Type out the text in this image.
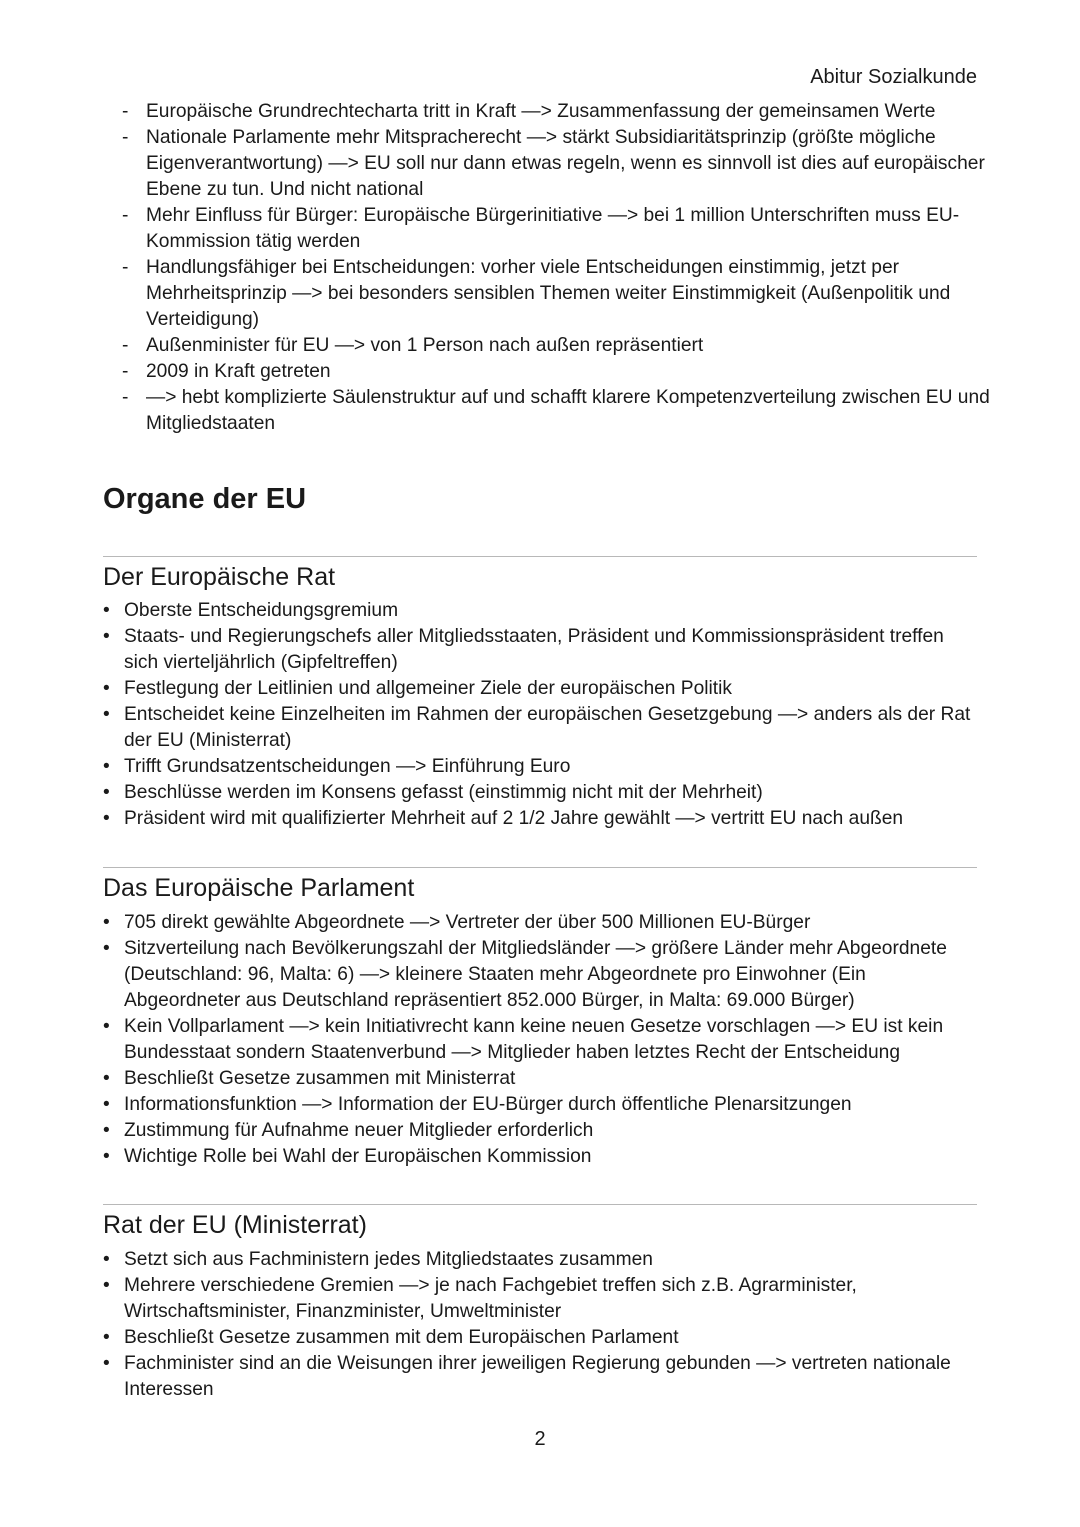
Abitur Sozialkunde
- Europäische Grundrechtecharta tritt in Kraft —> Zusammenfassung der gemeinsamen Werte
- Nationale Parlamente mehr Mitspracherecht —> stärkt Subsidiaritätsprinzip (größte mögliche Eigenverantwortung) —> EU soll nur dann etwas regeln, wenn es sinnvoll ist dies auf europäischer Ebene zu tun. Und nicht national
- Mehr Einfluss für Bürger: Europäische Bürgerinitiative —> bei 1 million Unterschriften muss EU-Kommission tätig werden
- Handlungsfähiger bei Entscheidungen: vorher viele Entscheidungen einstimmig, jetzt per Mehrheitsprinzip —> bei besonders sensiblen Themen weiter Einstimmigkeit (Außenpolitik und Verteidigung)
- Außenminister für EU —> von 1 Person nach außen repräsentiert
- 2009 in Kraft getreten
- —> hebt komplizierte Säulenstruktur auf und schafft klarere Kompetenzverteilung zwischen EU und Mitgliedstaaten
Organe der EU
Der Europäische Rat
• Oberste Entscheidungsgremium
• Staats- und Regierungschefs aller Mitgliedsstaaten, Präsident und Kommissionspräsident treffen sich vierteljährlich (Gipfeltreffen)
• Festlegung der Leitlinien und allgemeiner Ziele der europäischen Politik
• Entscheidet keine Einzelheiten im Rahmen der europäischen Gesetzgebung —> anders als der Rat der EU (Ministerrat)
• Trifft Grundsatzentscheidungen —> Einführung Euro
• Beschlüsse werden im Konsens gefasst (einstimmig nicht mit der Mehrheit)
• Präsident wird mit qualifizierter Mehrheit auf 2 1/2 Jahre gewählt —> vertritt EU nach außen
Das Europäische Parlament
• 705 direkt gewählte Abgeordnete —> Vertreter der über 500 Millionen EU-Bürger
• Sitzverteilung nach Bevölkerungszahl der Mitgliedsländer —> größere Länder mehr Abgeordnete (Deutschland: 96, Malta: 6) —> kleinere Staaten mehr Abgeordnete pro Einwohner (Ein Abgeordneter aus Deutschland repräsentiert 852.000 Bürger, in Malta: 69.000 Bürger)
• Kein Vollparlament —> kein Initiativrecht kann keine neuen Gesetze vorschlagen —> EU ist kein Bundesstaat sondern Staatenverbund —> Mitglieder haben letztes Recht der Entscheidung
• Beschließt Gesetze zusammen mit Ministerrat
• Informationsfunktion —> Information der EU-Bürger durch öffentliche Plenarsitzungen
• Zustimmung für Aufnahme neuer Mitglieder erforderlich
• Wichtige Rolle bei Wahl der Europäischen Kommission
Rat der EU (Ministerrat)
• Setzt sich aus Fachministern jedes Mitgliedstaates zusammen
• Mehrere verschiedene Gremien —> je nach Fachgebiet treffen sich z.B. Agrarminister, Wirtschaftsminister, Finanzminister, Umweltminister
• Beschließt Gesetze zusammen mit dem Europäischen Parlament
• Fachminister sind an die Weisungen ihrer jeweiligen Regierung gebunden —> vertreten nationale Interessen
2
